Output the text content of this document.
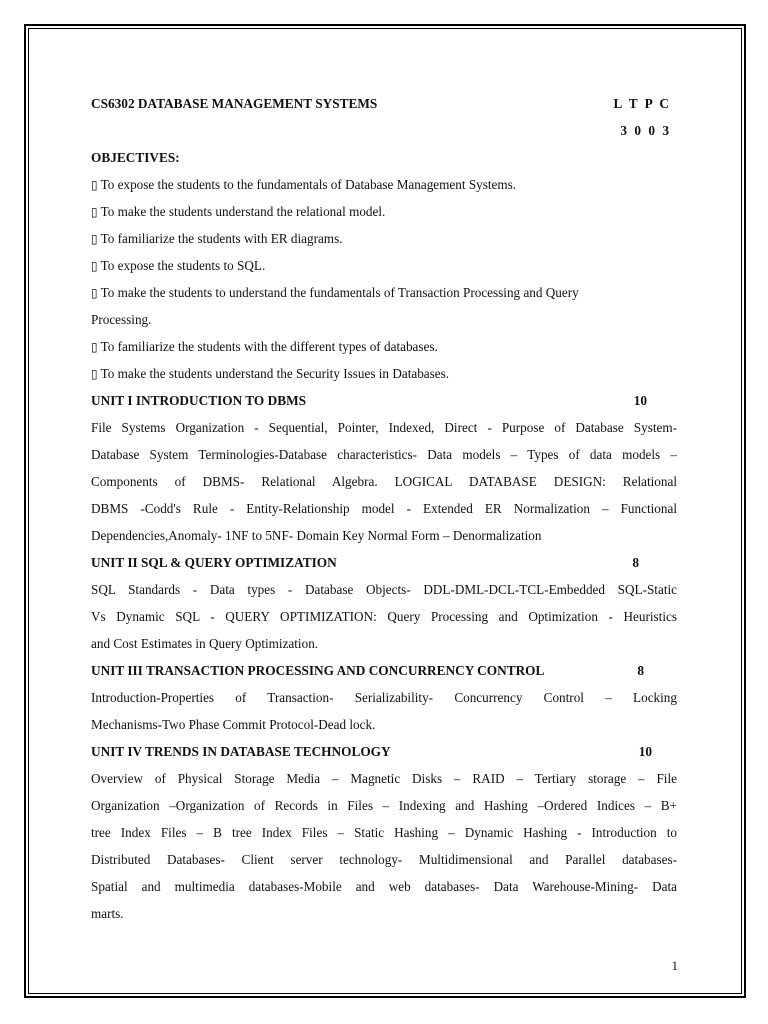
CS6302 DATABASE MANAGEMENT SYSTEMS	L T P C
3 0 0 3
OBJECTIVES:
▯ To expose the students to the fundamentals of Database Management Systems.
▯ To make the students understand the relational model.
▯ To familiarize the students with ER diagrams.
▯ To expose the students to SQL.
▯ To make the students to understand the fundamentals of Transaction Processing and Query
Processing.
▯ To familiarize the students with the different types of databases.
▯ To make the students understand the Security Issues in Databases.
UNIT I INTRODUCTION TO DBMS	10
File Systems Organization - Sequential, Pointer, Indexed, Direct - Purpose of Database System-
Database System Terminologies-Database characteristics- Data models – Types of data models –
Components of DBMS- Relational Algebra. LOGICAL DATABASE DESIGN: Relational
DBMS -Codd's Rule - Entity-Relationship model - Extended ER Normalization – Functional
Dependencies,Anomaly- 1NF to 5NF- Domain Key Normal Form – Denormalization
UNIT II SQL & QUERY OPTIMIZATION	8
SQL Standards - Data types - Database Objects- DDL-DML-DCL-TCL-Embedded SQL-Static
Vs Dynamic SQL - QUERY OPTIMIZATION: Query Processing and Optimization - Heuristics
and Cost Estimates in Query Optimization.
UNIT III TRANSACTION PROCESSING AND CONCURRENCY CONTROL	8
Introduction-Properties of Transaction- Serializability- Concurrency Control – Locking
Mechanisms-Two Phase Commit Protocol-Dead lock.
UNIT IV TRENDS IN DATABASE TECHNOLOGY	10
Overview of Physical Storage Media – Magnetic Disks – RAID – Tertiary storage – File
Organization –Organization of Records in Files – Indexing and Hashing –Ordered Indices – B+
tree Index Files – B tree Index Files – Static Hashing – Dynamic Hashing - Introduction to
Distributed Databases- Client server technology- Multidimensional and Parallel databases-
Spatial and multimedia databases-Mobile and web databases- Data Warehouse-Mining- Data
marts.
1
